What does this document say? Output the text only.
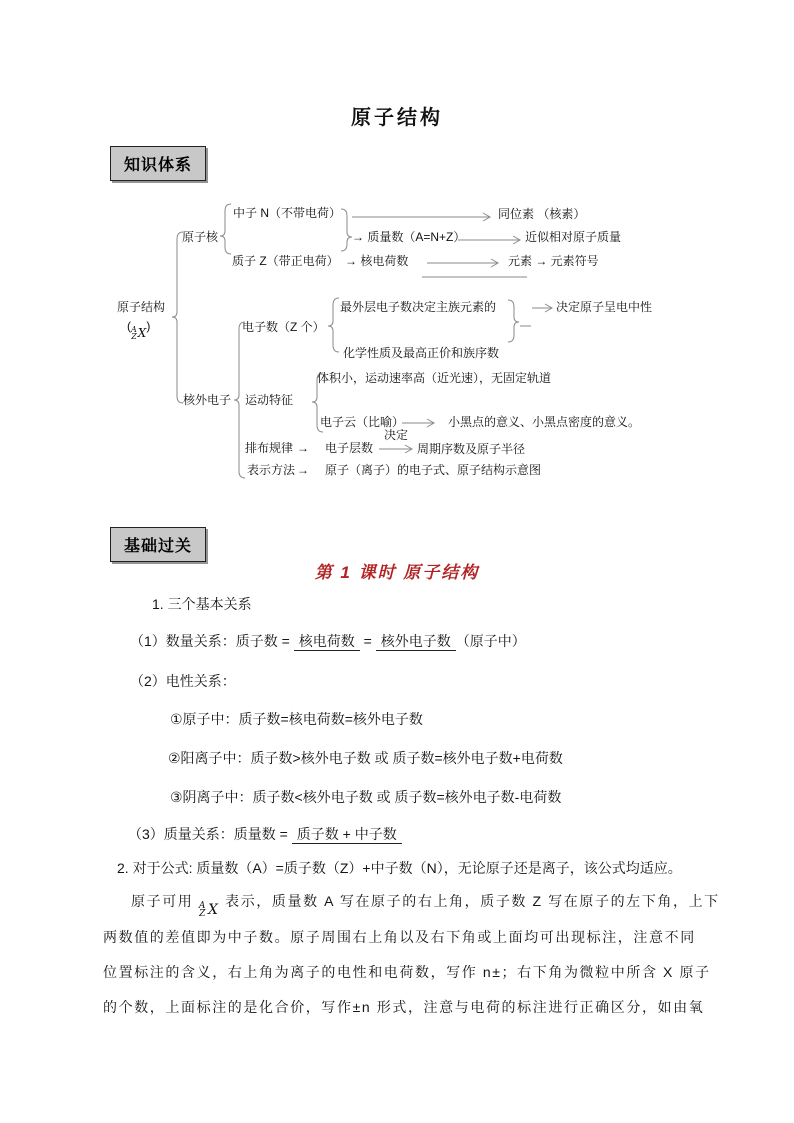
原子结构
知识体系
原子结构
( A
Z X )
原子核
中子 N（不带电荷）
质子 Z（带正电荷）
同位素 （核素）
→ 质量数（A=N+Z）	近似相对原子质量
→ 核电荷数	元素 → 元素符号
电子数（Z 个）
最外层电子数决定主族元素的
化学性质及最高正价和族序数
决定原子呈电中性
核外电子 运动特征
体积小，运动速率高（近光速），无固定轨道
电子云（比喻）	小黑点的意义、小黑点密度的意义。
排布规律 → 电子层数
决定
周期序数及原子半径
表示方法 → 原子（离子）的电子式、原子结构示意图
基础过关
第 1 课时 原子结构
1. 三个基本关系
（1）数量关系：质子数 = 核电荷数 = 核外电子数 （原子中）
（2）电性关系：
①原子中：质子数=核电荷数=核外电子数
②阳离子中：质子数>核外电子数 或 质子数=核外电子数+电荷数
③阴离子中：质子数<核外电子数 或 质子数=核外电子数-电荷数
（3）质量关系：质量数 = 质子数 + 中子数
2. 对于公式: 质量数（A）=质子数（Z）+中子数（N），无论原子还是离子，该公式均适应。
原子可用 A
Z X
表示，质量数 A 写在原子的右上角，质子数 Z 写在原子的左下角，上下
两数值的差值即为中子数。原子周围右上角以及右下角或上面均可出现标注，注意不同
位置标注的含义，右上角为离子的电性和电荷数，写作 n±；右下角为微粒中所含 X 原子
的个数，上面标注的是化合价，写作±n 形式，注意与电荷的标注进行正确区分，如由氧
